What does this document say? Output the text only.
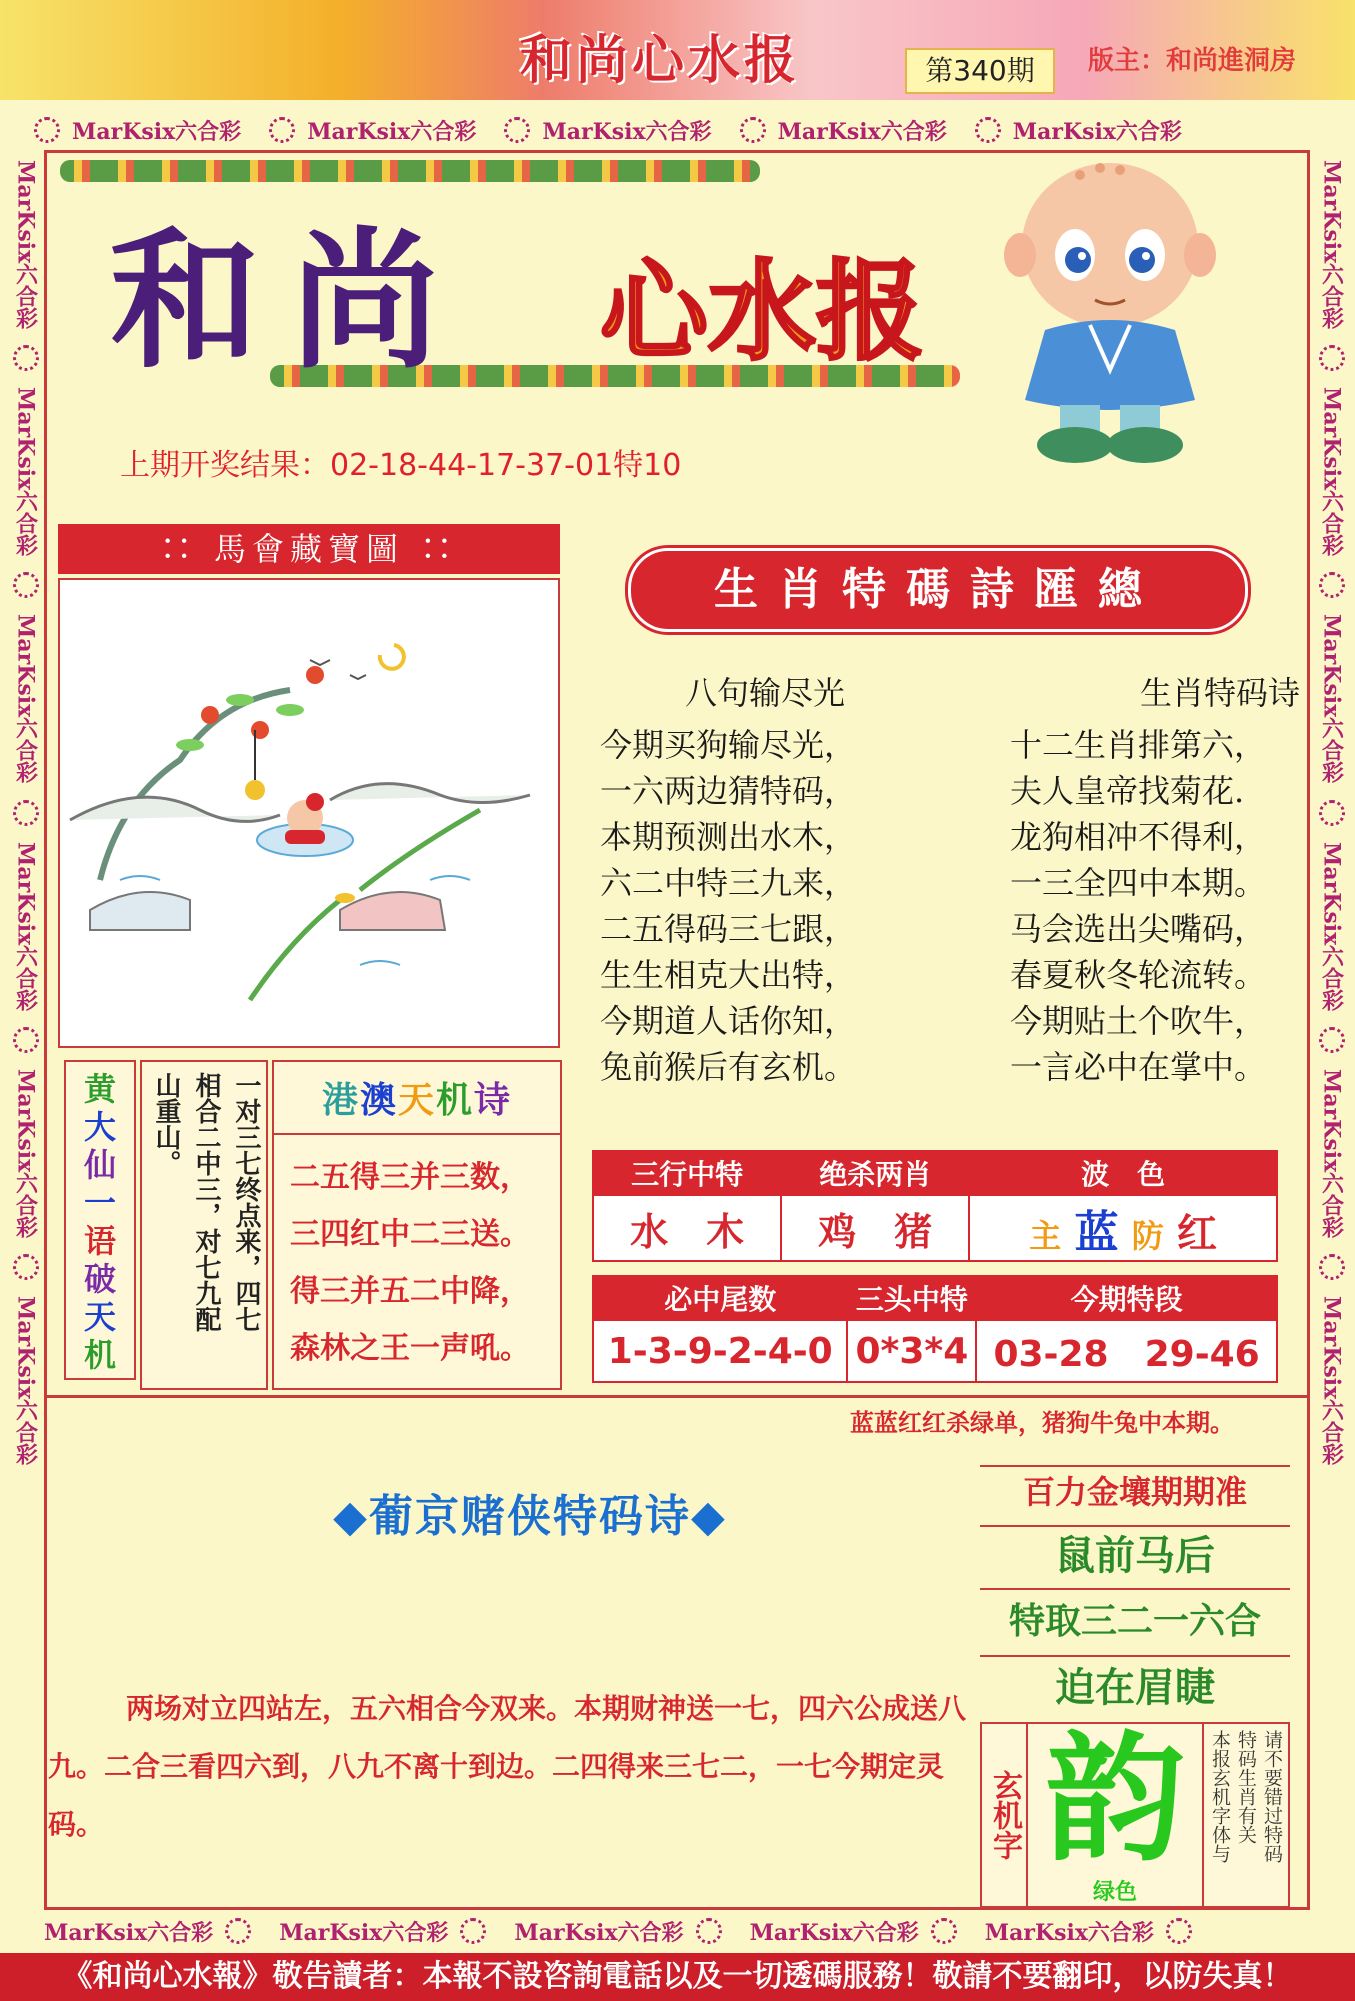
和尚心水报	第340期	版主：和尚進洞房
MarKsix六合彩	MarKsix六合彩	MarKsix六合彩	MarKsix六合彩	MarKsix六合彩
MarKsix六合彩	MarKsix六合彩	MarKsix六合彩	MarKsix六合彩	MarKsix六合彩
MarKsix六合彩
MarKsix六合彩
MarKsix六合彩
MarKsix六合彩
MarKsix六合彩
MarKsix六合彩
MarKsix六合彩
MarKsix六合彩
MarKsix六合彩
MarKsix六合彩
MarKsix六合彩
MarKsix六合彩
和尚 心水报
上期开奖结果：02-18-44-17-37-01特10
∷ 馬會藏寶圖 ∷
生肖特碼詩匯總
八句输尽光
今期买狗输尽光，
一六两边猜特码，
本期预测出水木，
六二中特三九来，
二五得码三七跟，
生生相克大出特，
今期道人话你知，
兔前猴后有玄机。
生肖特码诗
十二生肖排第六，
夫人皇帝找菊花.
龙狗相冲不得利，
一三全四中本期。
马会选出尖嘴码，
春夏秋冬轮流转。
今期贴土个吹牛，
一言必中在掌中。
黄
大
仙
一
语
破
天
机
一对三七终点来，四七
相合二中三，对七九配
山重山。	港澳天机诗
二五得三并三数，
三四红中二三送。
得三并五二中降，
森林之王一声吼。
三行中特	绝杀两肖	波　色
水　木	鸡　猪	主 蓝 防 红
必中尾数	三头中特	今期特段
1-3-9-2-4-0	0*3*4	03-28　29-46
蓝蓝红红杀绿单，猪狗牛兔中本期。
◆葡京赌侠特码诗◆
两场对立四站左，五六相合今双来。本期财神送一七，四六公成送八九。二合三看四六到，八九不离十到边。二四得来三七二，一七今期定灵码。
百力金壤期期准
鼠前马后
特取三二一六合
迫在眉睫
玄机字 韵
绿色
请不要错过特码
特码生肖有关
本报玄机字体与
《和尚心水報》敬告讀者：本報不設咨詢電話以及一切透碼服務！敬請不要翻印，以防失真！
